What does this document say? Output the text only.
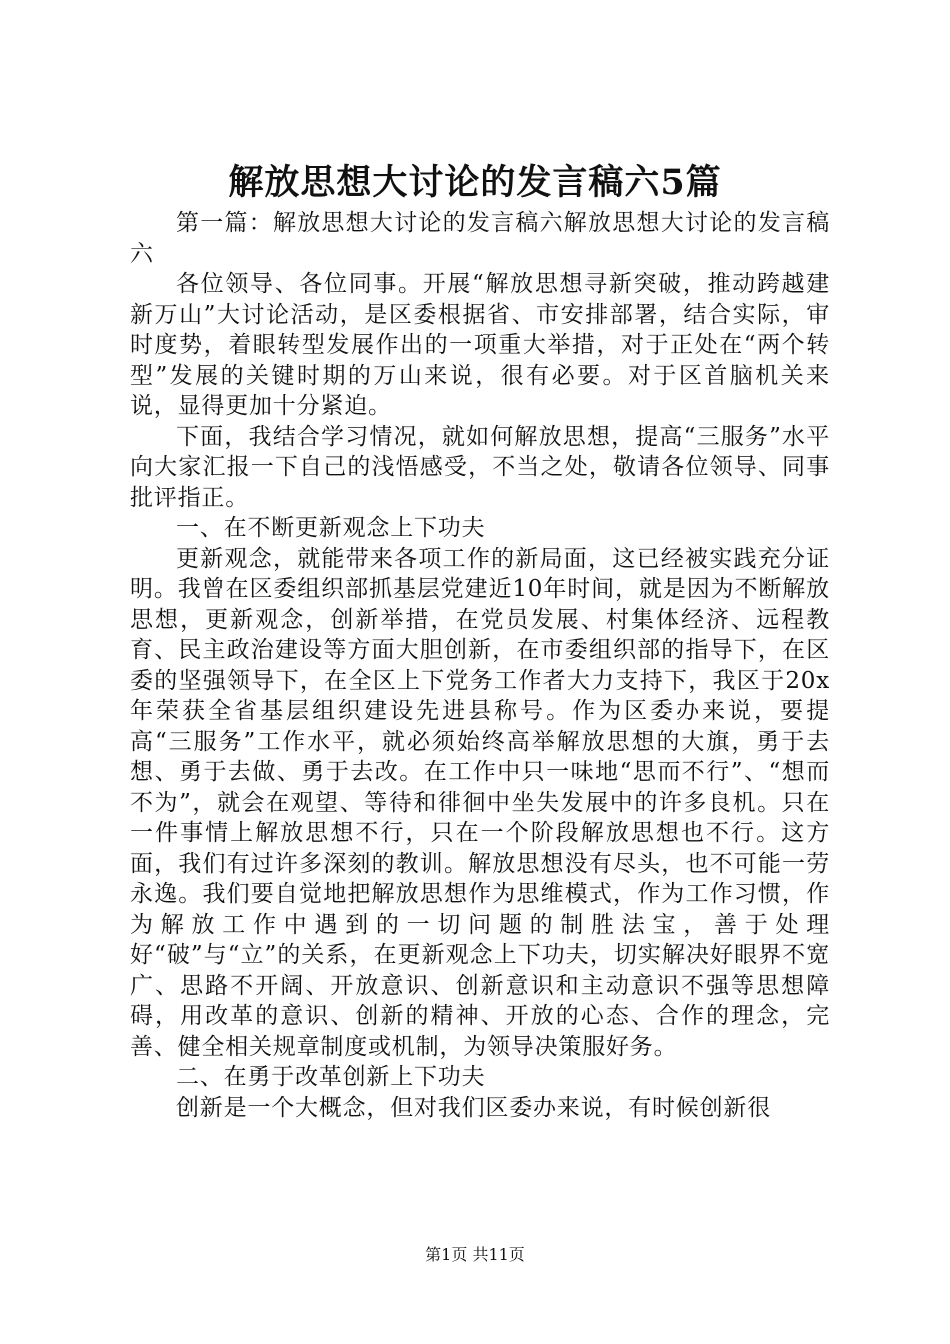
解放思想大讨论的发言稿六5篇

第一篇：解放思想大讨论的发言稿六解放思想大讨论的发言稿六

各位领导、各位同事。开展“解放思想寻新突破，推动跨越建新万山”大讨论活动，是区委根据省、市安排部署，结合实际，审时度势，着眼转型发展作出的一项重大举措，对于正处在“两个转型”发展的关键时期的万山来说，很有必要。对于区首脑机关来说，显得更加十分紧迫。

下面，我结合学习情况，就如何解放思想，提高“三服务”水平向大家汇报一下自己的浅悟感受，不当之处，敬请各位领导、同事批评指正。

一、在不断更新观念上下功夫

更新观念，就能带来各项工作的新局面，这已经被实践充分证明。我曾在区委组织部抓基层党建近10年时间，就是因为不断解放思想，更新观念，创新举措，在党员发展、村集体经济、远程教育、民主政治建设等方面大胆创新，在市委组织部的指导下，在区委的坚强领导下，在全区上下党务工作者大力支持下，我区于20x年荣获全省基层组织建设先进县称号。作为区委办来说，要提高“三服务”工作水平，就必须始终高举解放思想的大旗，勇于去想、勇于去做、勇于去改。在工作中只一味地“思而不行”、“想而不为”，就会在观望、等待和徘徊中坐失发展中的许多良机。只在一件事情上解放思想不行，只在一个阶段解放思想也不行。这方面，我们有过许多深刻的教训。解放思想没有尽头，也不可能一劳永逸。我们要自觉地把解放思想作为思维模式，作为工作习惯，作为解放工作中遇到的一切问题的制胜法宝，善于处理好“破”与“立”的关系，在更新观念上下功夫，切实解决好眼界不宽广、思路不开阔、开放意识、创新意识和主动意识不强等思想障碍，用改革的意识、创新的精神、开放的心态、合作的理念，完善、健全相关规章制度或机制，为领导决策服好务。

二、在勇于改革创新上下功夫

创新是一个大概念，但对我们区委办来说，有时候创新很

第1页 共11页
